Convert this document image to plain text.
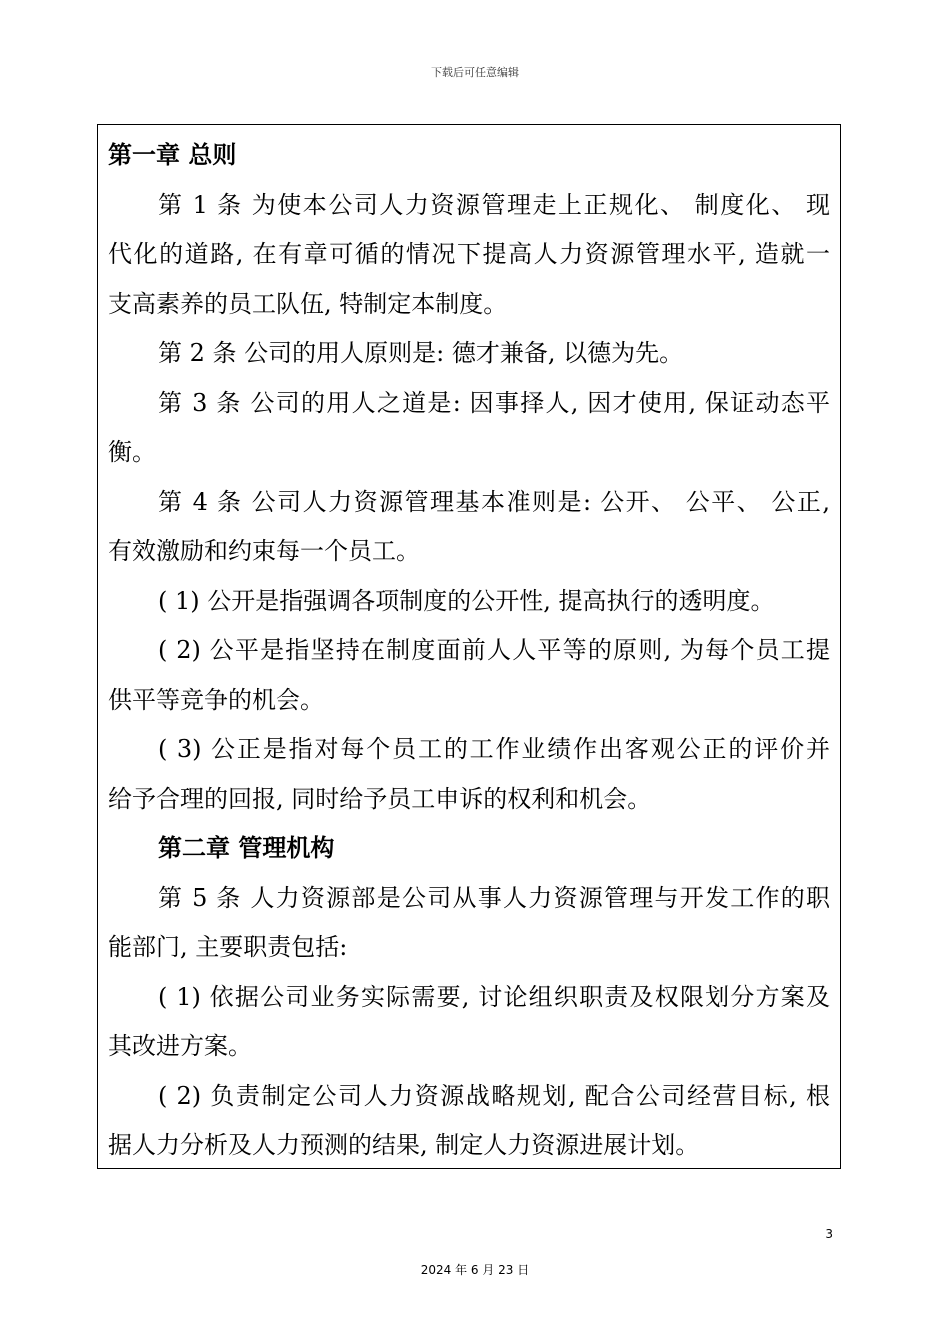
下载后可任意编辑
第一章 总则
第 1 条 为使本公司人力资源管理走上正规化、 制度化、 现
代化的道路, 在有章可循的情况下提高人力资源管理水平, 造就一
支高素养的员工队伍, 特制定本制度。
第 2 条 公司的用人原则是: 德才兼备, 以德为先。
第 3 条 公司的用人之道是: 因事择人, 因才使用, 保证动态平
衡。
第 4 条 公司人力资源管理基本准则是: 公开、 公平、 公正,
有效激励和约束每一个员工。
( 1) 公开是指强调各项制度的公开性, 提高执行的透明度。
( 2) 公平是指坚持在制度面前人人平等的原则, 为每个员工提
供平等竞争的机会。
( 3) 公正是指对每个员工的工作业绩作出客观公正的评价并
给予合理的回报, 同时给予员工申诉的权利和机会。
第二章 管理机构
第 5 条 人力资源部是公司从事人力资源管理与开发工作的职
能部门, 主要职责包括:
( 1) 依据公司业务实际需要, 讨论组织职责及权限划分方案及
其改进方案。
( 2) 负责制定公司人力资源战略规划, 配合公司经营目标, 根
据人力分析及人力预测的结果, 制定人力资源进展计划。
3
2024 年 6 月 23 日
